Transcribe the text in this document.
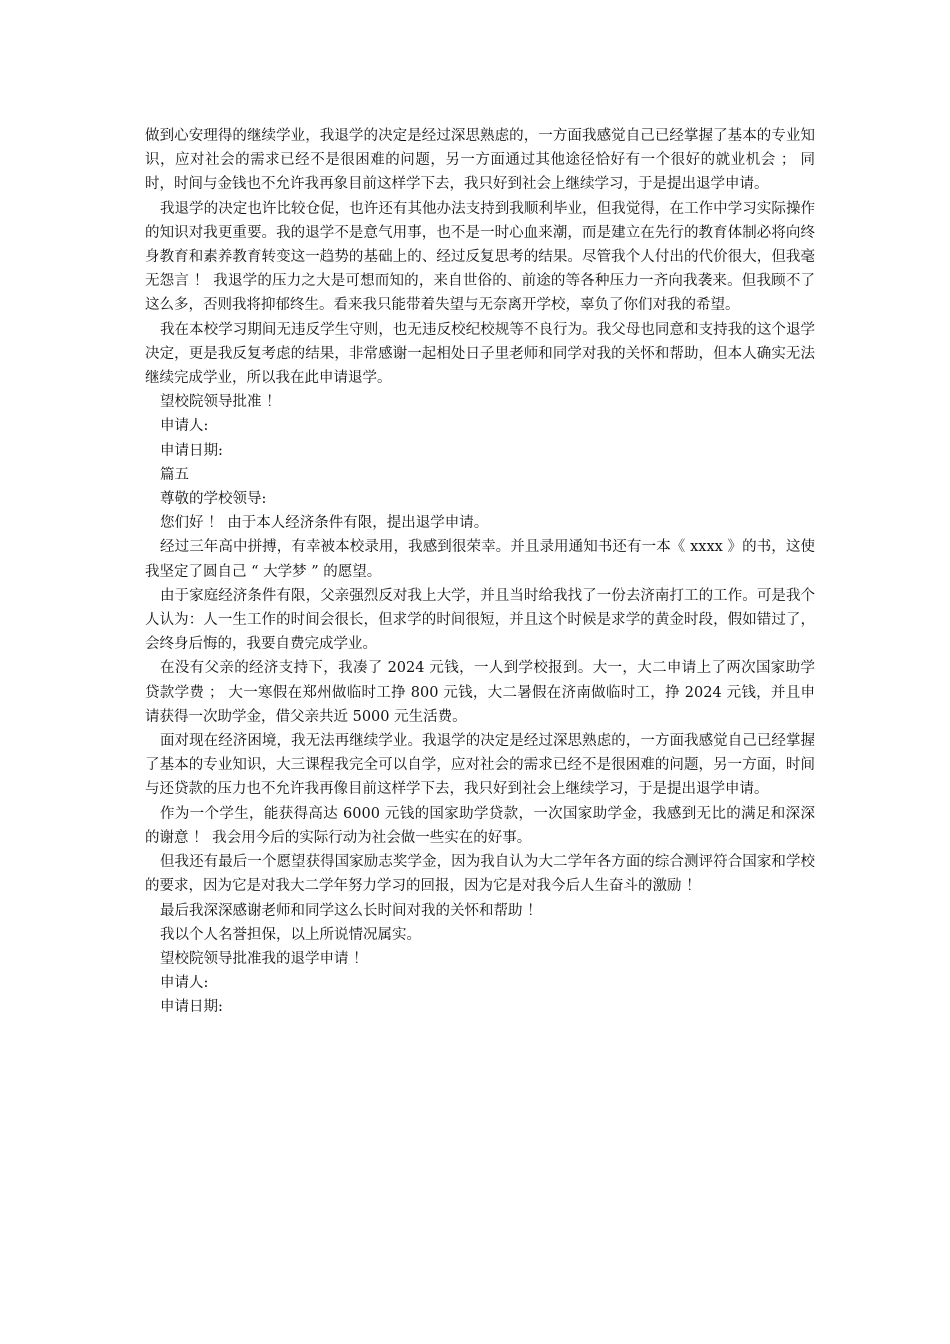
做到心安理得的继续学业，我退学的决定是经过深思熟虑的，一方面我感觉自己已经掌握了基本的专业知识，应对社会的需求已经不是很困难的问题，另一方面通过其他途径恰好有一个很好的就业机会 ； 同时，时间与金钱也不允许我再象目前这样学下去，我只好到社会上继续学习，于是提出退学申请。

我退学的决定也许比较仓促，也许还有其他办法支持到我顺利毕业，但我觉得，在工作中学习实际操作的知识对我更重要。我的退学不是意气用事，也不是一时心血来潮，而是建立在先行的教育体制必将向终身教育和素养教育转变这一趋势的基础上的、经过反复思考的结果。尽管我个人付出的代价很大，但我毫无怨言 ！ 我退学的压力之大是可想而知的，来自世俗的、前途的等各种压力一齐向我袭来。但我顾不了这么多，否则我将抑郁终生。看来我只能带着失望与无奈离开学校，辜负了你们对我的希望。

我在本校学习期间无违反学生守则，也无违反校纪校规等不良行为。我父母也同意和支持我的这个退学决定，更是我反复考虑的结果，非常感谢一起相处日子里老师和同学对我的关怀和帮助，但本人确实无法继续完成学业，所以我在此申请退学。

望校院领导批准 ！

申请人:

申请日期:

篇五

尊敬的学校领导:

您们好 ！ 由于本人经济条件有限，提出退学申请。

经过三年高中拼搏，有幸被本校录用，我感到很荣幸。并且录用通知书还有一本《 xxxx 》的书，这使我坚定了圆自己 “ 大学梦 ” 的愿望。

由于家庭经济条件有限，父亲强烈反对我上大学，并且当时给我找了一份去济南打工的工作。可是我个人认为：人一生工作的时间会很长，但求学的时间很短，并且这个时候是求学的黄金时段，假如错过了，会终身后悔的，我要自费完成学业。

在没有父亲的经济支持下，我凑了 2024 元钱，一人到学校报到。大一，大二申请上了两次国家助学贷款学费 ； 大一寒假在郑州做临时工挣 800 元钱，大二暑假在济南做临时工，挣 2024 元钱，并且申请获得一次助学金，借父亲共近 5000 元生活费。

面对现在经济困境，我无法再继续学业。我退学的决定是经过深思熟虑的，一方面我感觉自己已经掌握了基本的专业知识，大三课程我完全可以自学，应对社会的需求已经不是很困难的问题，另一方面，时间与还贷款的压力也不允许我再像目前这样学下去，我只好到社会上继续学习，于是提出退学申请。

作为一个学生，能获得高达 6000 元钱的国家助学贷款，一次国家助学金，我感到无比的满足和深深的谢意 ！ 我会用今后的实际行动为社会做一些实在的好事。

但我还有最后一个愿望获得国家励志奖学金，因为我自认为大二学年各方面的综合测评符合国家和学校的要求，因为它是对我大二学年努力学习的回报，因为它是对我今后人生奋斗的激励 ！

最后我深深感谢老师和同学这么长时间对我的关怀和帮助 ！

我以个人名誉担保，以上所说情况属实。

望校院领导批准我的退学申请 ！

申请人:

申请日期:
